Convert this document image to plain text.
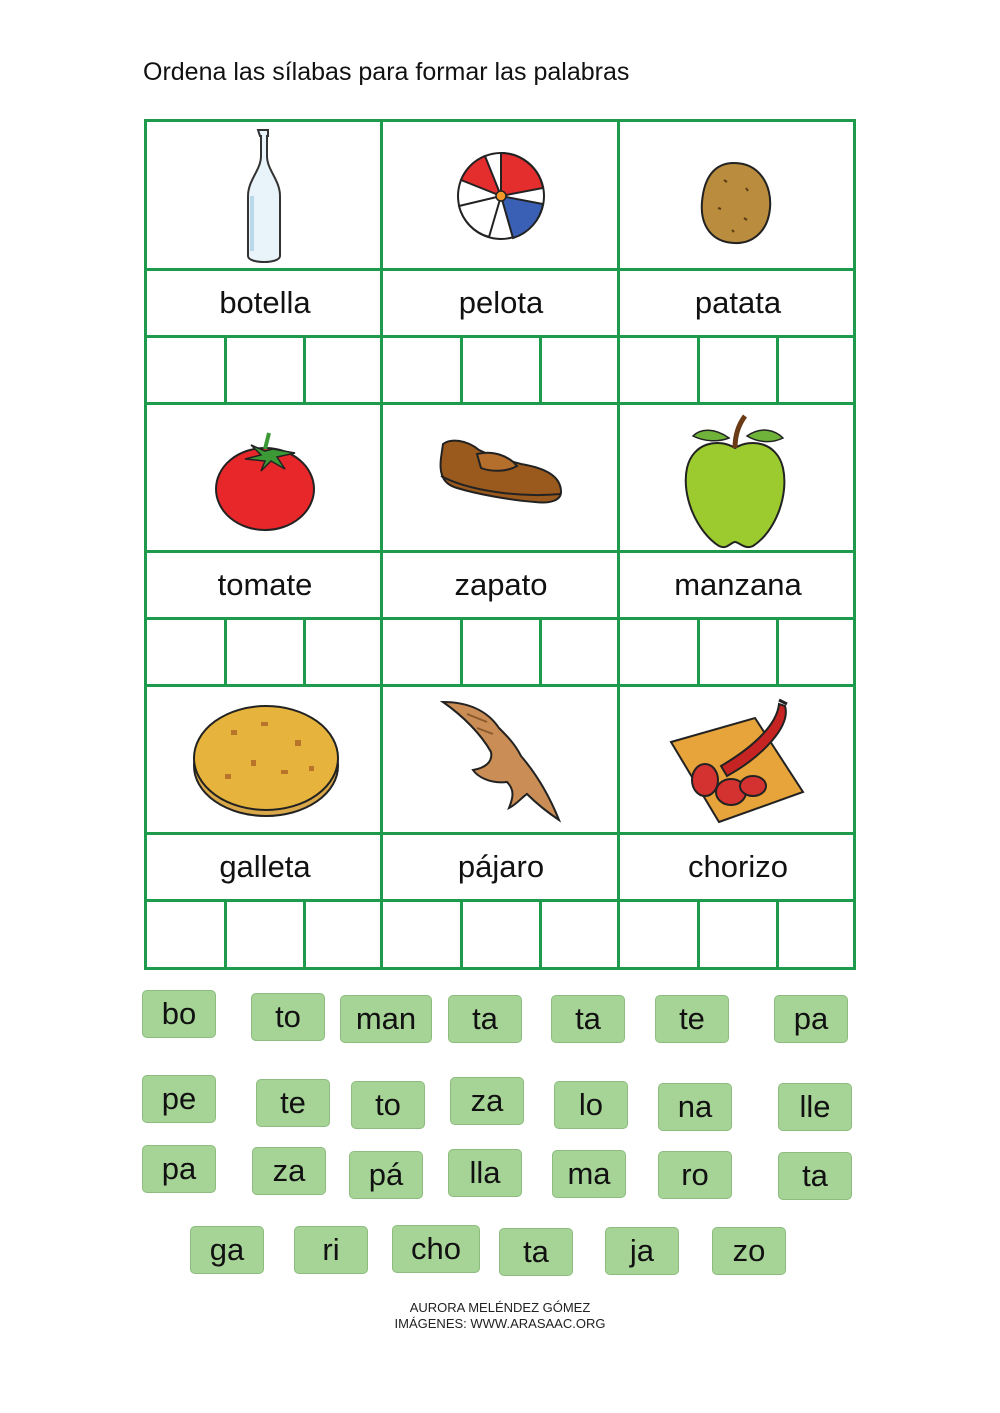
Ordena las sílabas para formar las palabras
botella	pelota	patata
tomate	zapato	manzana
galleta	pájaro	chorizo
bo	to	man	ta	ta	te	pa
pe	te	to	za	lo	na	lle
pa	za	pá	lla	ma	ro	ta
ga	ri	cho	ta	ja	zo
AURORA MELÉNDEZ GÓMEZ
IMÁGENES: WWW.ARASAAC.ORG
